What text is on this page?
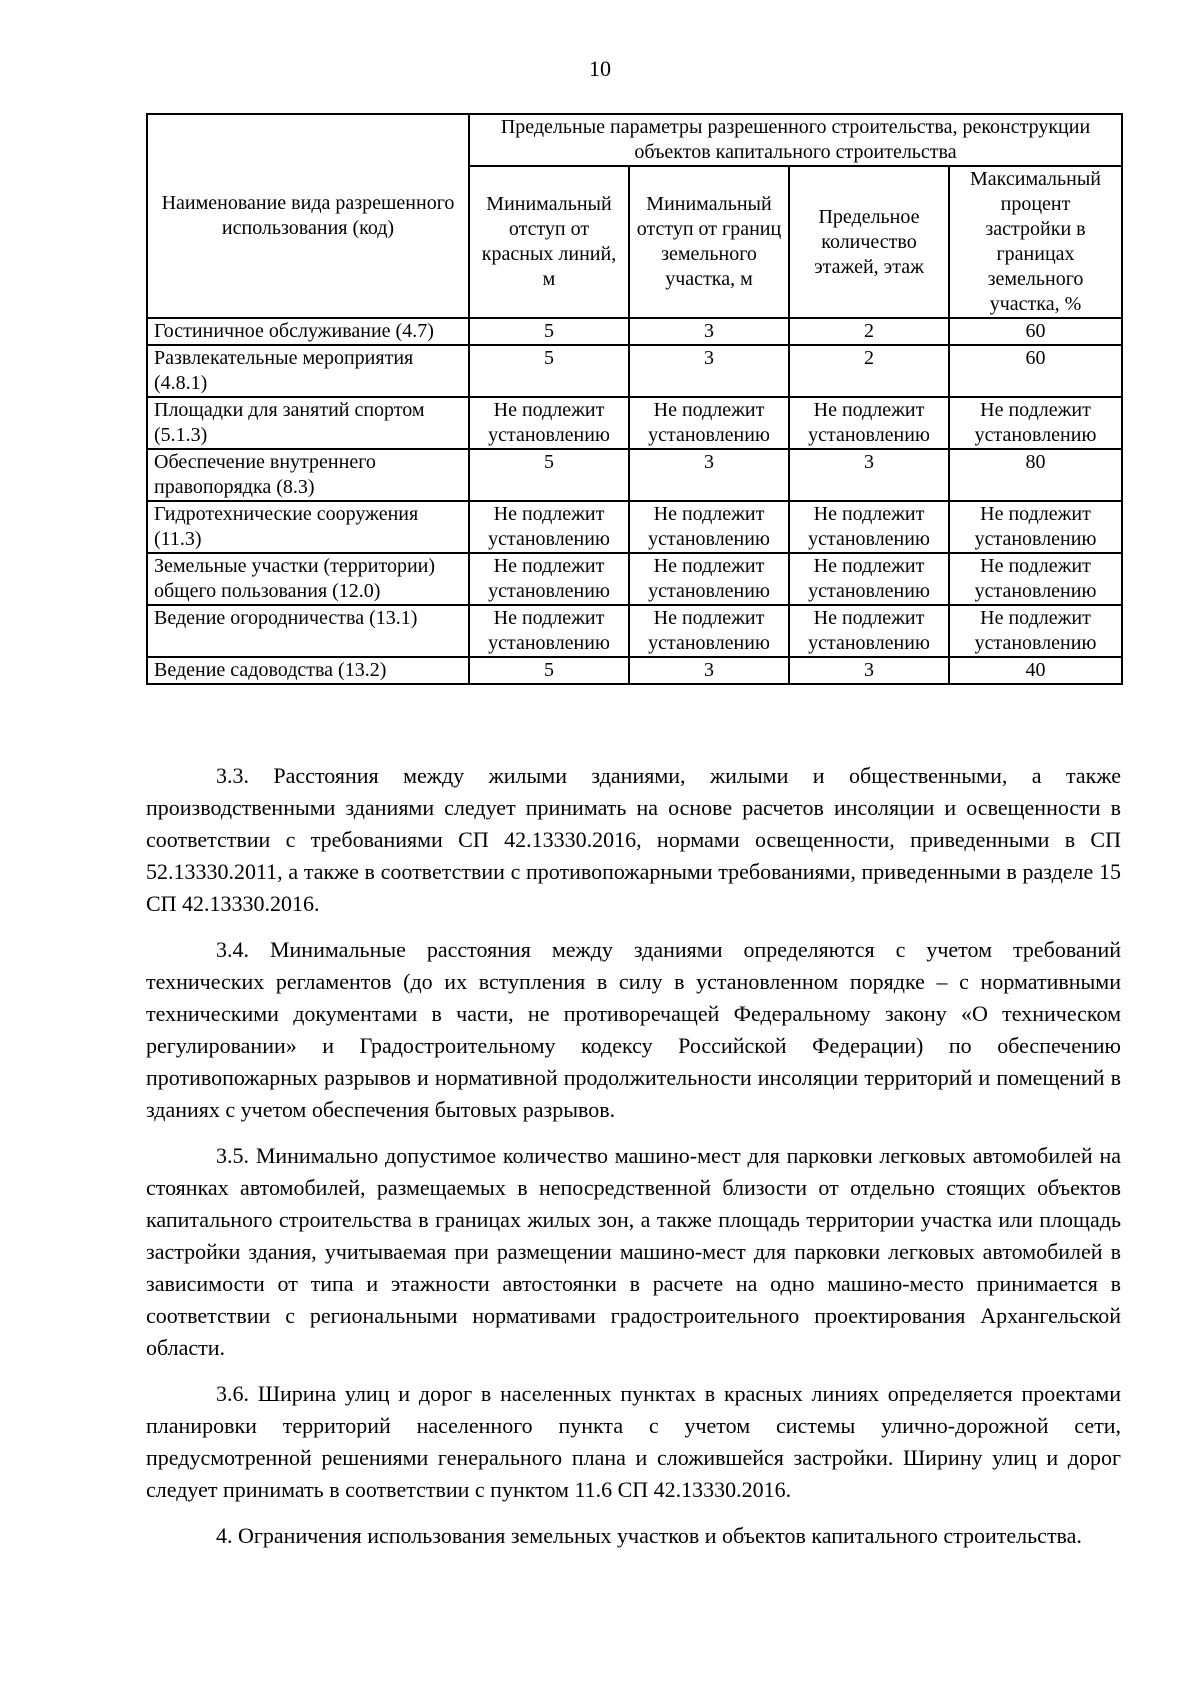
10
Наименование вида разрешенного использования (код)	Предельные параметры разрешенного строительства, реконструкции объектов капитального строительства			
	Минимальный отступ от красных линий, м	Минимальный отступ от границ земельного участка, м	Предельное количество этажей, этаж	Максимальный процент застройки в границах земельного участка, %
Гостиничное обслуживание (4.7)	5	3	2	60
Развлекательные мероприятия (4.8.1)	5	3	2	60
Площадки для занятий спортом (5.1.3)	Не подлежит установлению	Не подлежит установлению	Не подлежит установлению	Не подлежит установлению
Обеспечение внутреннего правопорядка (8.3)	5	3	3	80
Гидротехнические сооружения (11.3)	Не подлежит установлению	Не подлежит установлению	Не подлежит установлению	Не подлежит установлению
Земельные участки (территории) общего пользования (12.0)	Не подлежит установлению	Не подлежит установлению	Не подлежит установлению	Не подлежит установлению
Ведение огородничества (13.1)	Не подлежит установлению	Не подлежит установлению	Не подлежит установлению	Не подлежит установлению
Ведение садоводства (13.2)	5	3	3	40

3.3. Расстояния между жилыми зданиями, жилыми и общественными, а также производственными зданиями следует принимать на основе расчетов инсоляции и освещенности в соответствии с требованиями СП 42.13330.2016, нормами освещенности, приведенными в СП 52.13330.2011, а также в соответствии с противопожарными требованиями, приведенными в разделе 15 СП 42.13330.2016.

3.4. Минимальные расстояния между зданиями определяются с учетом требований технических регламентов (до их вступления в силу в установленном порядке – с нормативными техническими документами в части, не противоречащей Федеральному закону «О техническом регулировании» и Градостроительному кодексу Российской Федерации) по обеспечению противопожарных разрывов и нормативной продолжительности инсоляции территорий и помещений в зданиях с учетом обеспечения бытовых разрывов.

3.5. Минимально допустимое количество машино-мест для парковки легковых автомобилей на стоянках автомобилей, размещаемых в непосредственной близости от отдельно стоящих объектов капитального строительства в границах жилых зон, а также площадь территории участка или площадь застройки здания, учитываемая при размещении машино-мест для парковки легковых автомобилей в зависимости от типа и этажности автостоянки в расчете на одно машино-место принимается в соответствии с региональными нормативами градостроительного проектирования Архангельской области.

3.6. Ширина улиц и дорог в населенных пунктах в красных линиях определяется проектами планировки территорий населенного пункта с учетом системы улично-дорожной сети, предусмотренной решениями генерального плана и сложившейся застройки. Ширину улиц и дорог следует принимать в соответствии с пунктом 11.6 СП 42.13330.2016.

4. Ограничения использования земельных участков и объектов капитального строительства.
